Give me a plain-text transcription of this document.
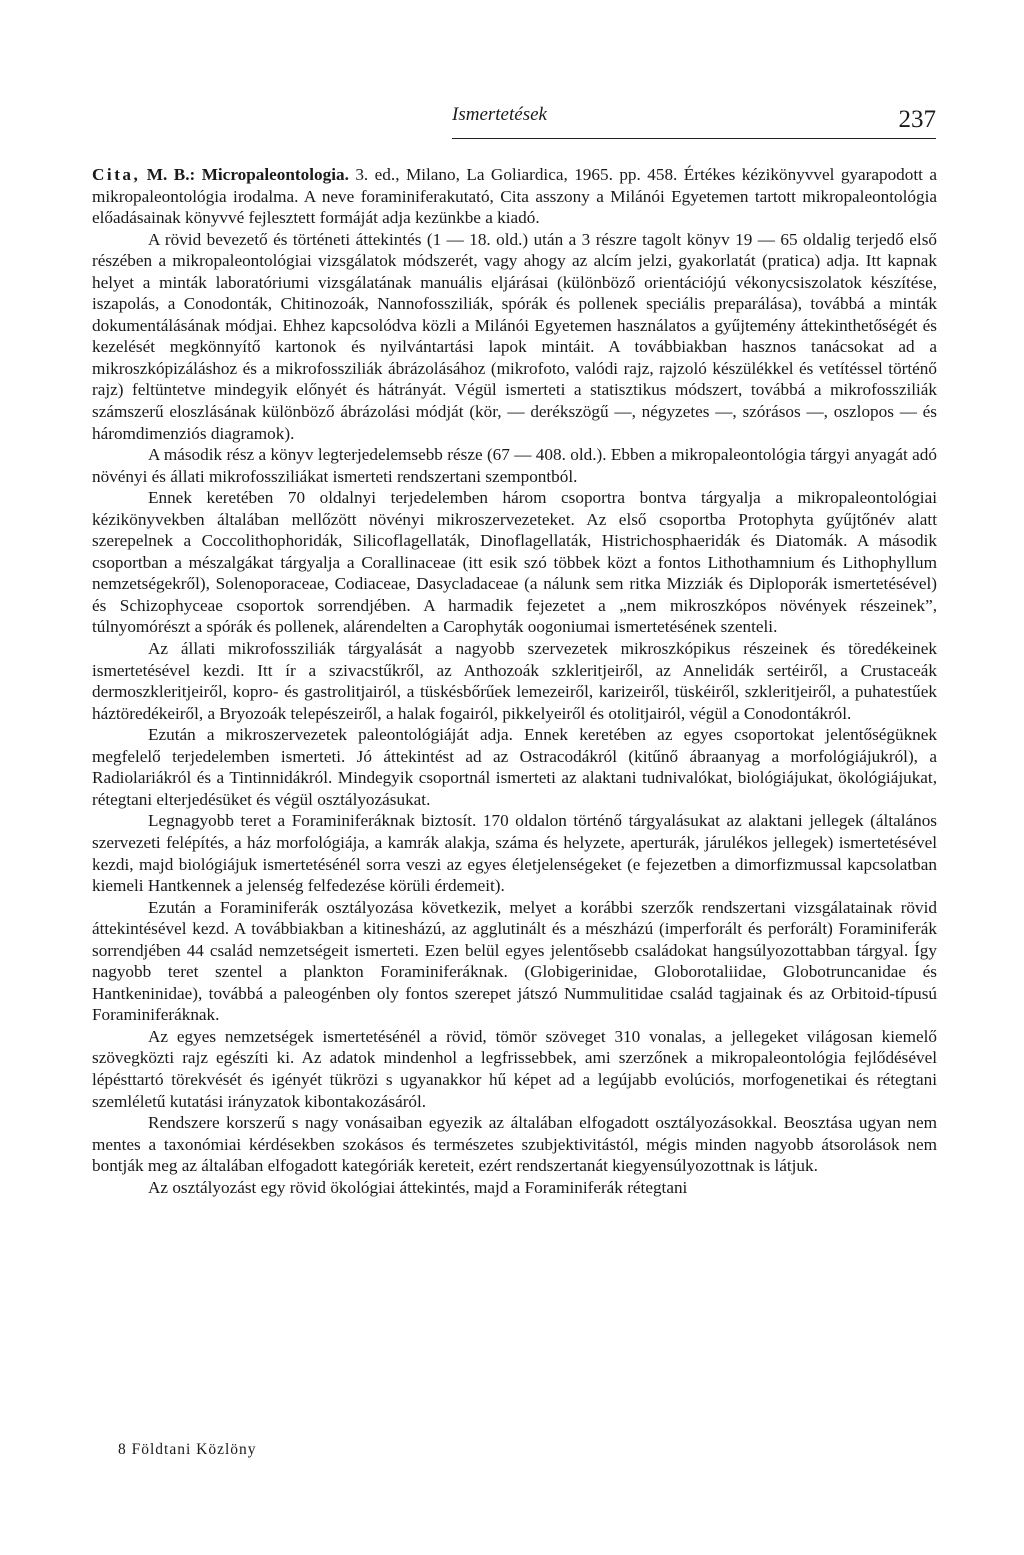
Ismertetések	237

Cita, M. B.: Micropaleontologia. 3. ed., Milano, La Goliardica, 1965. pp. 458. Értékes kézikönyvvel gyarapodott a mikropaleontológia irodalma. A neve foraminiferakutató, Cita asszony a Milánói Egyetemen tartott mikropaleontológia előadásainak könyvvé fejlesztett formáját adja kezünkbe a kiadó.

A rövid bevezető és történeti áttekintés (1 — 18. old.) után a 3 részre tagolt könyv 19 — 65 oldalig terjedő első részében a mikropaleontológiai vizsgálatok módszerét, vagy ahogy az alcím jelzi, gyakorlatát (pratica) adja. Itt kapnak helyet a minták laboratóriumi vizsgálatának manuális eljárásai (különböző orientációjú vékonycsiszolatok készítése, iszapolás, a Conodonták, Chitinozoák, Nannofossziliák, spórák és pollenek speciális preparálása), továbbá a minták dokumentálásának módjai. Ehhez kapcsolódva közli a Milánói Egyetemen használatos a gyűjtemény áttekinthetőségét és kezelését megkönnyítő kartonok és nyilvántartási lapok mintáit. A továbbiakban hasznos tanácsokat ad a mikroszkópizáláshoz és a mikrofossziliák ábrázolásához (mikrofoto, valódi rajz, rajzoló készülékkel és vetítéssel történő rajz) feltüntetve mindegyik előnyét és hátrányát. Végül ismerteti a statisztikus módszert, továbbá a mikrofossziliák számszerű eloszlásának különböző ábrázolási módját (kör, — derékszögű —, négyzetes —, szórásos —, oszlopos — és háromdimenziós diagramok).

A második rész a könyv legterjedelemsebb része (67 — 408. old.). Ebben a mikropaleontológia tárgyi anyagát adó növényi és állati mikrofossziliákat ismerteti rendszertani szempontból.

Ennek keretében 70 oldalnyi terjedelemben három csoportra bontva tárgyalja a mikropaleontológiai kézikönyvekben általában mellőzött növényi mikroszervezeteket. Az első csoportba Protophyta gyűjtőnév alatt szerepelnek a Coccolithophoridák, Silicoflagellaták, Dinoflagellaták, Histrichosphaeridák és Diatomák. A második csoportban a mészalgákat tárgyalja a Corallinaceae (itt esik szó többek közt a fontos Lithothamnium és Lithophyllum nemzetségekről), Solenoporaceae, Codiaceae, Dasycladaceae (a nálunk sem ritka Mizziák és Diploporák ismertetésével) és Schizophyceae csoportok sorrendjében. A harmadik fejezetet a „nem mikroszkópos növények részeinek”, túlnyomórészt a spórák és pollenek, alárendelten a Carophyták oogoniumai ismertetésének szenteli.

Az állati mikrofossziliák tárgyalását a nagyobb szervezetek mikroszkópikus részeinek és töredékeinek ismertetésével kezdi. Itt ír a szivacstűkről, az Anthozoák szkleritjeiről, az Annelidák sertéiről, a Crustaceák dermoszkleritjeiről, kopro- és gastrolitjairól, a tüskésbőrűek lemezeiről, karizeiről, tüskéiről, szkleritjeiről, a puhatestűek háztöredékeiről, a Bryozoák telepészeiről, a halak fogairól, pikkelyeiről és otolitjairól, végül a Conodontákról.

Ezután a mikroszervezetek paleontológiáját adja. Ennek keretében az egyes csoportokat jelentőségüknek megfelelő terjedelemben ismerteti. Jó áttekintést ad az Ostracodákról (kitűnő ábraanyag a morfológiájukról), a Radiolariákról és a Tintinnidákról. Mindegyik csoportnál ismerteti az alaktani tudnivalókat, biológiájukat, ökológiájukat, rétegtani elterjedésüket és végül osztályozásukat.

Legnagyobb teret a Foraminiferáknak biztosít. 170 oldalon történő tárgyalásukat az alaktani jellegek (általános szervezeti felépítés, a ház morfológiája, a kamrák alakja, száma és helyzete, aperturák, járulékos jellegek) ismertetésével kezdi, majd biológiájuk ismertetésénél sorra veszi az egyes életjelenségeket (e fejezetben a dimorfizmussal kapcsolatban kiemeli Hantkennek a jelenség felfedezése körüli érdemeit).

Ezután a Foraminiferák osztályozása következik, melyet a korábbi szerzők rendszertani vizsgálatainak rövid áttekintésével kezd. A továbbiakban a kitinesházú, az agglutinált és a mészházú (imperforált és perforált) Foraminiferák sorrendjében 44 család nemzetségeit ismerteti. Ezen belül egyes jelentősebb családokat hangsúlyozottabban tárgyal. Így nagyobb teret szentel a plankton Foraminiferáknak. (Globigerinidae, Globorotaliidae, Globotruncanidae és Hantkeninidae), továbbá a paleogénben oly fontos szerepet játszó Nummulitidae család tagjainak és az Orbitoid-típusú Foraminiferáknak.

Az egyes nemzetségek ismertetésénél a rövid, tömör szöveget 310 vonalas, a jellegeket világosan kiemelő szövegközti rajz egészíti ki. Az adatok mindenhol a legfrissebbek, ami szerzőnek a mikropaleontológia fejlődésével lépésttartó törekvését és igényét tükrözi s ugyanakkor hű képet ad a legújabb evolúciós, morfogenetikai és rétegtani szemléletű kutatási irányzatok kibontakozásáról.

Rendszere korszerű s nagy vonásaiban egyezik az általában elfogadott osztályozásokkal. Beosztása ugyan nem mentes a taxonómiai kérdésekben szokásos és természetes szubjektivitástól, mégis minden nagyobb átsorolások nem bontják meg az általában elfogadott kategóriák kereteit, ezért rendszertanát kiegyensúlyozottnak is látjuk.

Az osztályozást egy rövid ökológiai áttekintés, majd a Foraminiferák rétegtani

8 Földtani Közlöny
